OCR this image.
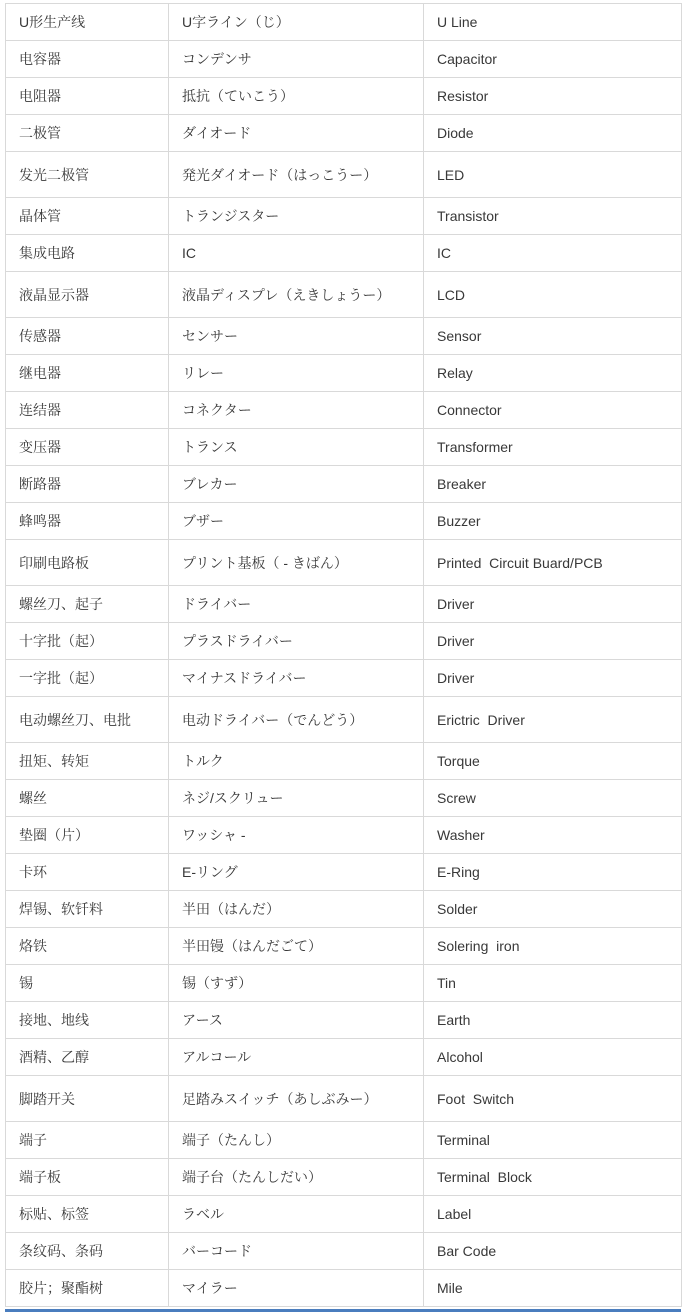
U形生产线	U字ライン（じ）	U Line
电容器	コンデンサ	Capacitor
电阻器	抵抗（ていこう）	Resistor
二极管	ダイオード	Diode
发光二极管	発光ダイオード（はっこうー）	LED
晶体管	トランジスター	Transistor
集成电路	IC	IC
液晶显示器	液晶ディスプレ（えきしょうー）	LCD
传感器	センサー	Sensor
继电器	リレー	Relay
连结器	コネクター	Connector
变压器	トランス	Transformer
断路器	ブレカー	Breaker
蜂鸣器	ブザー	Buzzer
印刷电路板	プリント基板（ - きばん）	Printed  Circuit Buard/PCB
螺丝刀、起子	ドライバー	Driver
十字批（起）	プラスドライバー	Driver
一字批（起）	マイナスドライバー	Driver
电动螺丝刀、电批	电动ドライバー（でんどう）	Erictric  Driver
扭矩、转矩	トルク	Torque
螺丝	ネジ/スクリュー	Screw
垫圈（片）	ワッシャ -	Washer
卡环	E-リング	E-Ring
焊锡、软钎料	半田（はんだ）	Solder
烙铁	半田镘（はんだごて）	Solering  iron
锡	锡（すず）	Tin
接地、地线	アース	Earth
酒精、乙醇	アルコール	Alcohol
脚踏开关	足踏みスイッチ（あしぶみー）	Foot  Switch
端子	端子（たんし）	Terminal
端子板	端子台（たんしだい）	Terminal  Block
标贴、标签	ラベル	Label
条纹码、条码	バーコード	Bar Code
胶片；聚酯树	マイラー	Mile
